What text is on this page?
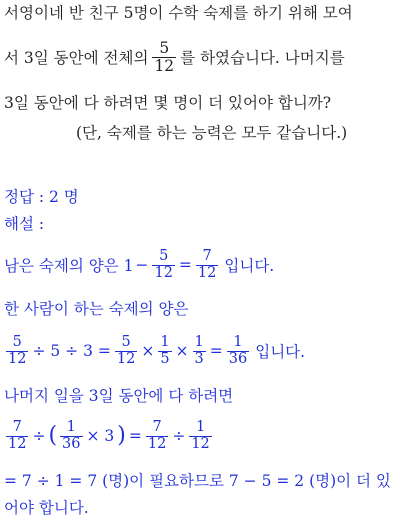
서영이네 반 친구 5명이 수학 숙제를 하기 위해 모여
서 3일 동안에 전체의 $\frac{5}{12}$ 를 하였습니다. 나머지를
3일 동안에 다 하려면 몇 명이 더 있어야 합니까?
(단, 숙제를 하는 능력은 모두 같습니다.)
정답 : 2 명
해설 :
남은 숙제의 양은 $1 - \frac{5}{12} = \frac{7}{12}$ 입니다.
한 사람이 하는 숙제의 양은
$\frac{5}{12} \div 5 \div 3 = \frac{5}{12} \times \frac{1}{5} \times \frac{1}{3} = \frac{1}{36}$ 입니다.
나머지 일을 3일 동안에 다 하려면
$\frac{7}{12}$ ÷ ( $\frac{1}{36} \times 3$ ) = $\frac{7}{12} \div \frac{1}{12}$
= 7 ÷ 1 = 7 (명)이 필요하므로 7 − 5 = 2 (명)이 더 있
어야 합니다.
